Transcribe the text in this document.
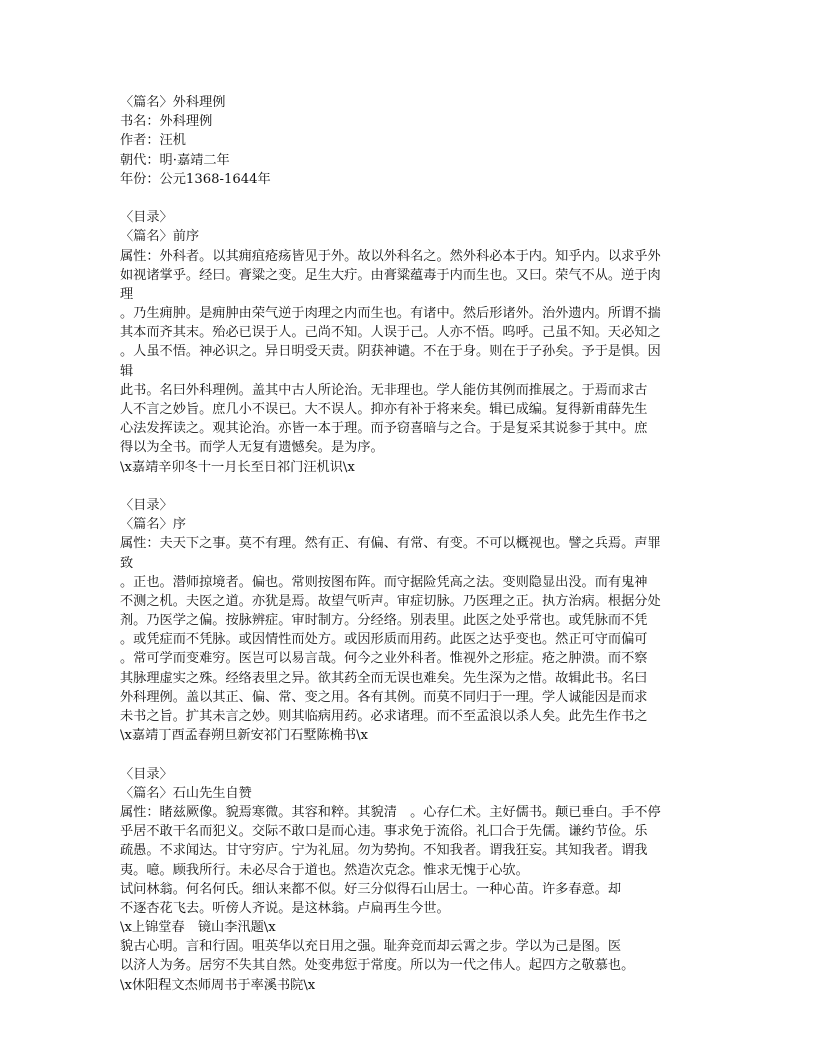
〈篇名〉外科理例
书名：外科理例
作者：汪机
朝代：明·嘉靖二年
年份：公元1368-1644年
〈目录〉
〈篇名〉前序
属性：外科者。以其痈疽疮疡皆见于外。故以外科名之。然外科必本于内。知乎内。以求乎外
如视诸掌乎。经曰。膏粱之变。足生大疔。由膏粱蕴毒于内而生也。又曰。荣气不从。逆于肉
理
。乃生痈肿。是痈肿由荣气逆于肉理之内而生也。有诸中。然后形诸外。治外遗内。所谓不揣
其本而齐其末。殆必已误于人。己尚不知。人误于己。人亦不悟。呜呼。己虽不知。天必知之
。人虽不悟。神必识之。异日明受天责。阴获神谴。不在于身。则在于子孙矣。予于是惧。因
辑
此书。名曰外科理例。盖其中古人所论治。无非理也。学人能仿其例而推展之。于焉而求古
人不言之妙旨。庶几小不误已。大不误人。抑亦有补于将来矣。辑已成编。复得新甫薛先生
心法发挥读之。观其论治。亦皆一本于理。而予窃喜暗与之合。于是复采其说参于其中。庶
得以为全书。而学人无复有遗憾矣。是为序。
\x嘉靖辛卯冬十一月长至日祁门汪机识\x
〈目录〉
〈篇名〉序
属性：夫天下之事。莫不有理。然有正、有偏、有常、有变。不可以概视也。譬之兵焉。声罪
致
。正也。潜师掠境者。偏也。常则按图布阵。而守据险凭高之法。变则隐显出没。而有鬼神
不测之机。夫医之道。亦犹是焉。故望气听声。审症切脉。乃医理之正。执方治病。根据分处
剂。乃医学之偏。按脉辨症。审时制方。分经络。别表里。此医之处乎常也。或凭脉而不凭
。或凭症而不凭脉。或因情性而处方。或因形质而用药。此医之达乎变也。然正可守而偏可
。常可学而变难穷。医岂可以易言哉。何今之业外科者。惟视外之形症。疮之肿溃。而不察
其脉理虚实之殊。经络表里之异。欲其药全而无误也难矣。先生深为之惜。故辑此书。名曰
外科理例。盖以其正、偏、常、变之用。各有其例。而莫不同归于一理。学人诚能因是而求
未书之旨。扩其未言之妙。则其临病用药。必求诸理。而不至孟浪以杀人矣。此先生作书之
\x嘉靖丁酉孟春朔旦新安祁门石墅陈桷书\x
〈目录〉
〈篇名〉石山先生自赞
属性：睹兹厥像。貌焉寒微。其容和粹。其貌清　。心存仁术。主好儒书。颠已垂白。手不停
乎居不敢干名而犯义。交际不敢口是而心违。事求免于流俗。礼囗合于先儒。谦约节俭。乐
疏愚。不求闻达。甘守穷庐。宁为礼屈。勿为势拘。不知我者。谓我狂妄。其知我者。谓我
夷。噫。顾我所行。未必尽合于道也。然造次克念。惟求无愧于心欤。
试问林翁。何名何氏。细认来都不似。好三分似得石山居士。一种心苗。许多春意。却
不逐杏花飞去。听傍人齐说。是这林翁。卢扁再生今世。
\x上锦堂春　镜山李汛题\x
貌古心明。言和行固。咀英华以充日用之强。耻奔竞而却云霄之步。学以为己是图。医
以济人为务。居穷不失其自然。处变弗愆于常度。所以为一代之伟人。起四方之敬慕也。
\x休阳程文杰师周书于率溪书院\x
